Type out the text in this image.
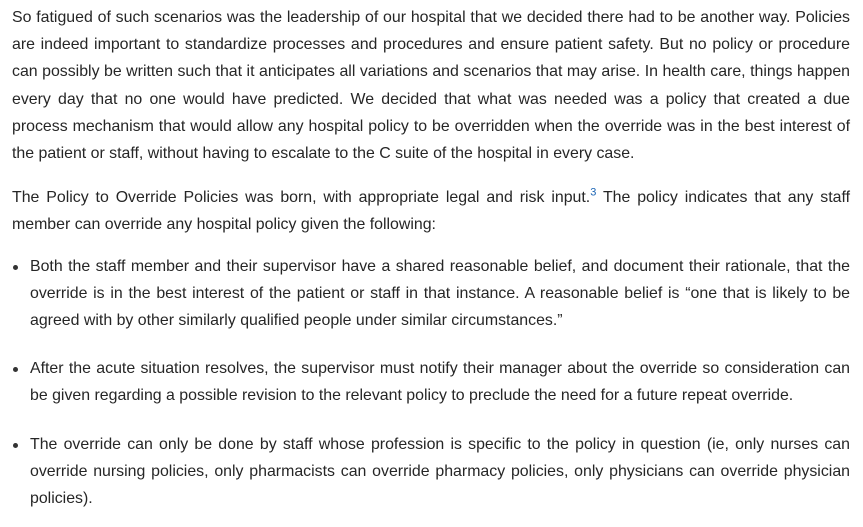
So fatigued of such scenarios was the leadership of our hospital that we decided there had to be another way. Policies are indeed important to standardize processes and procedures and ensure patient safety. But no policy or procedure can possibly be written such that it anticipates all variations and scenarios that may arise. In health care, things happen every day that no one would have predicted. We decided that what was needed was a policy that created a due process mechanism that would allow any hospital policy to be overridden when the override was in the best interest of the patient or staff, without having to escalate to the C suite of the hospital in every case.

The Policy to Override Policies was born, with appropriate legal and risk input.$^3$ The policy indicates that any staff member can override any hospital policy given the following:

Both the staff member and their supervisor have a shared reasonable belief, and document their rationale, that the override is in the best interest of the patient or staff in that instance. A reasonable belief is “one that is likely to be agreed with by other similarly qualified people under similar circumstances.”
After the acute situation resolves, the supervisor must notify their manager about the override so consideration can be given regarding a possible revision to the relevant policy to preclude the need for a future repeat override.
The override can only be done by staff whose profession is specific to the policy in question (ie, only nurses can override nursing policies, only pharmacists can override pharmacy policies, only physicians can override physician policies).
